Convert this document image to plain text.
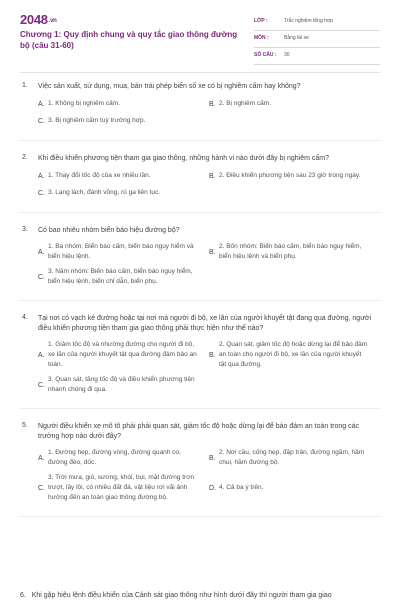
2048.vn
Chương 1: Quy định chung và quy tắc giao thông đường bộ (câu 31-60)
LỚP :	Trắc nghiệm tổng hợp
MÔN :	Bằng lái xe
SỐ CÂU : 30
1. Việc sản xuất, sử dụng, mua, bán trái phép biển số xe có bị nghiêm cấm hay không?
A. 1. Không bị nghiêm cấm.	B. 2. Bị nghiêm cấm.
C. 3. Bị nghiêm cấm tuỳ trường hợp.
2. Khi điều khiển phương tiện tham gia giao thông, những hành vi nào dưới đây bị nghiêm cấm?
A. 1. Thay đổi tốc độ của xe nhiều lần.	B. 2. Điều khiển phương tiện sau 23 giờ trong ngày.
C. 3. Lạng lách, đánh võng, rú ga liên tục.
3. Có bao nhiêu nhóm biển báo hiệu đường bộ?
A.
1. Ba nhóm: Biển báo cấm, biển báo nguy hiểm và biển hiệu lệnh.
B.
2. Bốn nhóm: Biển báo cấm, biển báo nguy hiểm, biển hiệu lệnh và biển phụ.
C.
3. Năm nhóm: Biển báo cấm, biển báo nguy hiểm, biển hiệu lệnh, biển chỉ dẫn, biển phụ.
4. Tại nơi có vạch kẻ đường hoặc tại nơi mà người đi bộ, xe lăn của người khuyết tật đang qua đường, người điều khiển phương tiện tham gia giao thông phải thực hiện như thế nào?
A.
1. Giảm tốc độ và nhường đường cho người đi bộ, xe lăn của người khuyết tật qua đường đảm bảo an toàn.
B.
2. Quan sát, giảm tốc độ hoặc dừng lại để bảo đảm an toàn cho người đi bộ, xe lăn của người khuyết tật qua đường.
C.
3. Quan sát, tăng tốc độ và điều khiển phương tiện nhanh chóng đi qua.
5. Người điều khiển xe mô tô phải phải quan sát, giảm tốc độ hoặc dừng lại để bảo đảm an toàn trong các trường hợp nào dưới đây?
A.
1. Đường hẹp, đường vòng, đường quanh co, đường đèo, dốc.
B.
2. Nơi cầu, cống hẹp, đập tràn, đường ngầm, hầm chui, hầm đường bộ.
C.
3. Trời mưa, gió, sương, khói, bụi, mặt đường trơn trượt, lầy lội, có nhiều đất đá, vật liệu rơi vãi ảnh hưởng đến an toàn giao thông đường bộ.
D. 4. Cả ba ý trên.
6. Khi gặp hiệu lệnh điều khiển của Cảnh sát giao thông như hình dưới đây thì người tham gia giao
